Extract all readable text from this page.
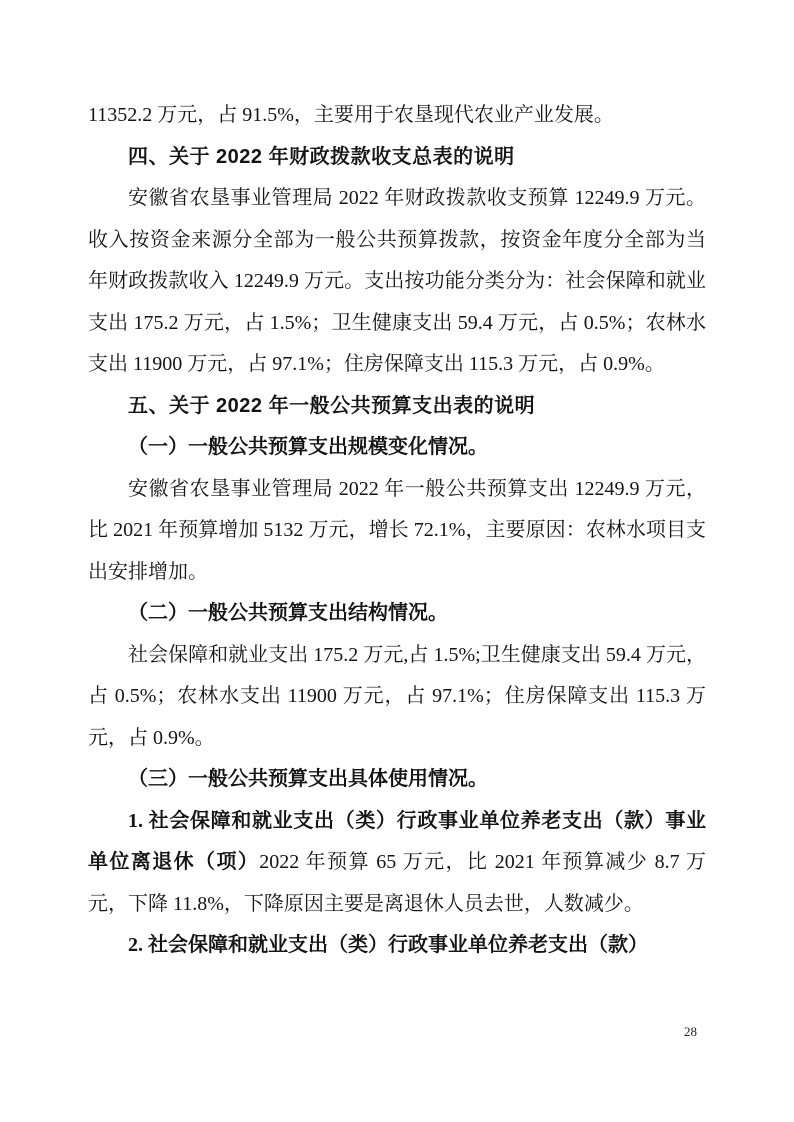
11352.2 万元，占 91.5%，主要用于农垦现代农业产业发展。

四、关于 2022 年财政拨款收支总表的说明

安徽省农垦事业管理局 2022 年财政拨款收支预算 12249.9 万元。收入按资金来源分全部为一般公共预算拨款，按资金年度分全部为当年财政拨款收入 12249.9 万元。支出按功能分类分为：社会保障和就业支出 175.2 万元，占 1.5%；卫生健康支出 59.4 万元，占 0.5%；农林水支出 11900 万元，占 97.1%；住房保障支出 115.3 万元，占 0.9%。

五、关于 2022 年一般公共预算支出表的说明

（一）一般公共预算支出规模变化情况。

安徽省农垦事业管理局 2022 年一般公共预算支出 12249.9 万元，比 2021 年预算增加 5132 万元，增长 72.1%，主要原因：农林水项目支出安排增加。

（二）一般公共预算支出结构情况。

社会保障和就业支出 175.2 万元,占 1.5%;卫生健康支出 59.4 万元，占 0.5%；农林水支出 11900 万元，占 97.1%；住房保障支出 115.3 万元，占 0.9%。

（三）一般公共预算支出具体使用情况。

1. 社会保障和就业支出（类）行政事业单位养老支出（款）事业单位离退休（项）2022 年预算 65 万元，比 2021 年预算减少 8.7 万元，下降 11.8%，下降原因主要是离退休人员去世，人数减少。

2. 社会保障和就业支出（类）行政事业单位养老支出（款）

28
